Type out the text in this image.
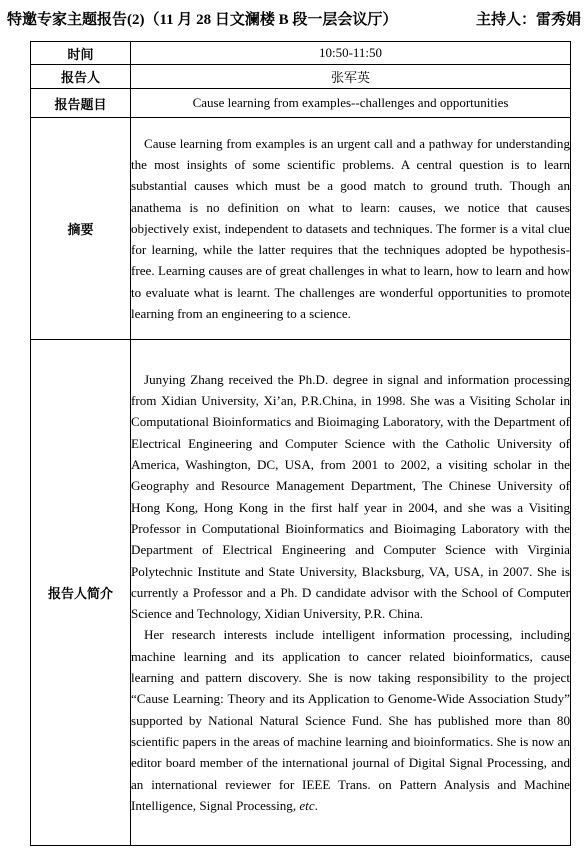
特邀专家主题报告(2)（11 月 28 日文澜楼 B 段一层会议厅）	主持人：雷秀娟
时间	10:50-11:50
报告人	张军英
报告题目	Cause learning from examples--challenges and opportunities
摘要	Cause learning from examples is an urgent call and a pathway for understanding the most insights of some scientific problems. A central question is to learn substantial causes which must be a good match to ground truth. Though an anathema is no definition on what to learn: causes, we notice that causes objectively exist, independent to datasets and techniques. The former is a vital clue for learning, while the latter requires that the techniques adopted be hypothesis-free. Learning causes are of great challenges in what to learn, how to learn and how to evaluate what is learnt. The challenges are wonderful opportunities to promote learning from an engineering to a science.

报告人简介	Junying Zhang received the Ph.D. degree in signal and information processing from Xidian University, Xi’an, P.R.China, in 1998. She was a Visiting Scholar in Computational Bioinformatics and Bioimaging Laboratory, with the Department of Electrical Engineering and Computer Science with the Catholic University of America, Washington, DC, USA, from 2001 to 2002, a visiting scholar in the Geography and Resource Management Department, The Chinese University of Hong Kong, Hong Kong in the first half year in 2004, and she was a Visiting Professor in Computational Bioinformatics and Bioimaging Laboratory with the Department of Electrical Engineering and Computer Science with Virginia Polytechnic Institute and State University, Blacksburg, VA, USA, in 2007. She is currently a Professor and a Ph. D candidate advisor with the School of Computer Science and Technology, Xidian University, P.R. China.

Her research interests include intelligent information processing, including machine learning and its application to cancer related bioinformatics, cause learning and pattern discovery. She is now taking responsibility to the project “Cause Learning: Theory and its Application to Genome-Wide Association Study” supported by National Natural Science Fund. She has published more than 80 scientific papers in the areas of machine learning and bioinformatics. She is now an editor board member of the international journal of Digital Signal Processing, and an international reviewer for IEEE Trans. on Pattern Analysis and Machine Intelligence, Signal Processing, etc.
